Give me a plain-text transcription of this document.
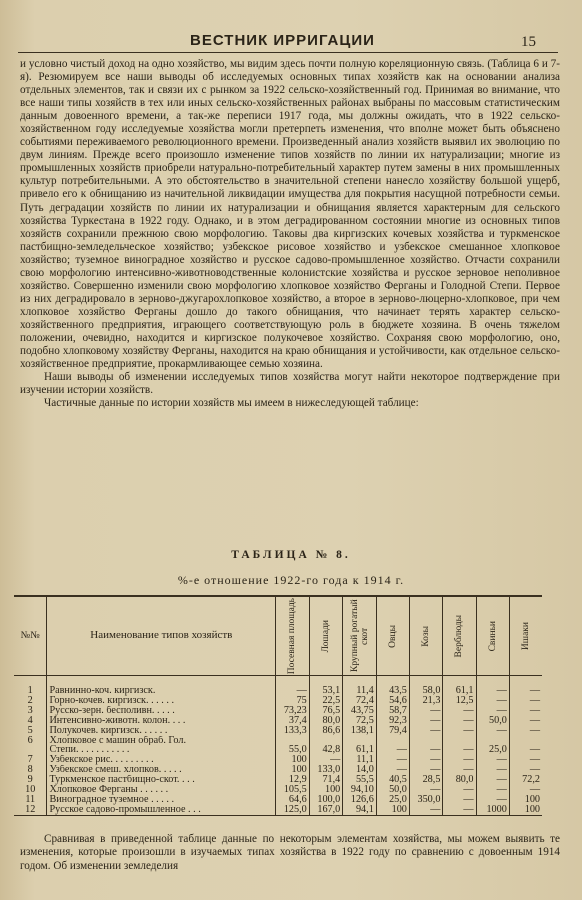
ВЕСТНИК ИРРИГАЦИИ	15

и условно чистый доход на одно хозяйство, мы видим здесь почти полную кореляционную связь. (Таблица 6 и 7-я). Резюмируем все наши выводы об исследуемых основных типах хозяйств как на основании анализа отдельных элементов, так и связи их с рынком за 1922 сельско-хозяйственный год. Принимая во внимание, что все наши типы хозяйств в тех или иных сельско-хозяйственных районах выбраны по массовым статистическим данным довоенного времени, а так-же переписи 1917 года, мы должны ожидать, что в 1922 сельско-хозяйственном году исследуемые хозяйства могли претерпеть изменения, что вполне может быть объяснено событиями переживаемого революционного времени. Произведенный анализ хозяйств выявил их эволюцию по двум линиям. Прежде всего произошло изменение типов хозяйств по линии их натурализации; многие из промышленных хозяйств приобрели натурально-потребительный характер путем замены в них промышленных культур потребительными. А это обстоятельство в значительной степени нанесло хозяйству большой ущерб, привело его к обнищанию из начительной ликвидации имущества для покрытия насущной потребности семьи. Путь деградации хозяйств по линии их натурализации и обнищания является характерным для сельского хозяйства Туркестана в 1922 году. Однако, и в этом деградированном состоянии многие из основных типов хозяйств сохранили прежнюю свою морфологию. Таковы два киргизских кочевых хозяйства и туркменское пастбищно-земледельческое хозяйство; узбекское рисовое хозяйство и узбекское смешанное хлопковое хозяйство; туземное виноградное хозяйство и русское садово-промышленное хозяйство. Отчасти сохранили свою морфологию интенсивно-животноводственные колонистские хозяйства и русское зерновое неполивное хозяйство. Совершенно изменили свою морфологию хлопковое хозяйство Ферганы и Голодной Степи. Первое из них деградировало в зерново-джугарохлопковое хозяйство, а второе в зерново-люцерно-хлопковое, при чем хлопковое хозяйство Ферганы дошло до такого обнищания, что начинает терять характер сельско-хозяйственного предприятия, играющего соответствующую роль в бюджете хозяина. В очень тяжелом положении, очевидно, находится и киргизское полукочевое хозяйство. Сохраняя свою морфологию, оно, подобно хлопковому хозяйству Ферганы, находится на краю обнищания и устойчивости, как отдельное сельско-хозяйственное предприятие, прокармливающее семью хозяина.

Наши выводы об изменении исследуемых типов хозяйства могут найти некоторое подтверждение при изучении истории хозяйств.

Частичные данные по истории хозяйств мы имеем в нижеследующей таблице:

ТАБЛИЦА № 8.
%-е отношение 1922-го года к 1914 г.
№№	Наименование типов хозяйств	Посевная площадь	Лошади	Крупный рогатый скот	Овцы	Козы	Верблюды	Свиньи	Ишаки

1	Равнинно-коч. киргизск.	—	53,1	11,4	43,5	58,0	61,1	—	—
2	Горно-кочев. киргизск. . . . . .	75	22,5	72,4	54,6	21,3	12,5	—	—
3	Русско-зерн. бесполивн. . . . .	73,23	76,5	43,75	58,7	—	—	—	—
4	Интенсивно-животн. колон. . . .	37,4	80,0	72,5	92,3	—	—	50,0	—
5	Полукочев. киргизск. . . . . .	133,3	86,6	138,1	79,4	—	—	—	—
6	Хлопковое с машин обраб. Гол.								
	Степи. . . . . . . . . . .	55,0	42,8	61,1	—	—	—	25,0	—
7	Узбекское рис. . . . . . . . .	100	—	11,1	—	—	—	—	—
8	Узбекское смеш. хлопков. . . . .	100	133,0	14,0	—	—	—	—	—
9	Туркменское пастбищно-скот. . . .	12,9	71,4	55,5	40,5	28,5	80,0	—	72,2
10	Хлопковое Ферганы . . . . . .	105,5	100	94,10	50,0	—	—	—	—
11	Виноградное туземное . . . . .	64,6	100,0	126,6	25,0	350,0	—	—	100
12	Русское садово-промышленное . . .	125,0	167,0	94,1	100	—	—	1000	100

Сравнивая в приведенной таблице данные по некоторым элементам хозяйства, мы можем выявить те изменения, которые произошли в изучаемых типах хозяйства в 1922 году по сравнению с довоенным 1914 годом. Об изменении земледелия
